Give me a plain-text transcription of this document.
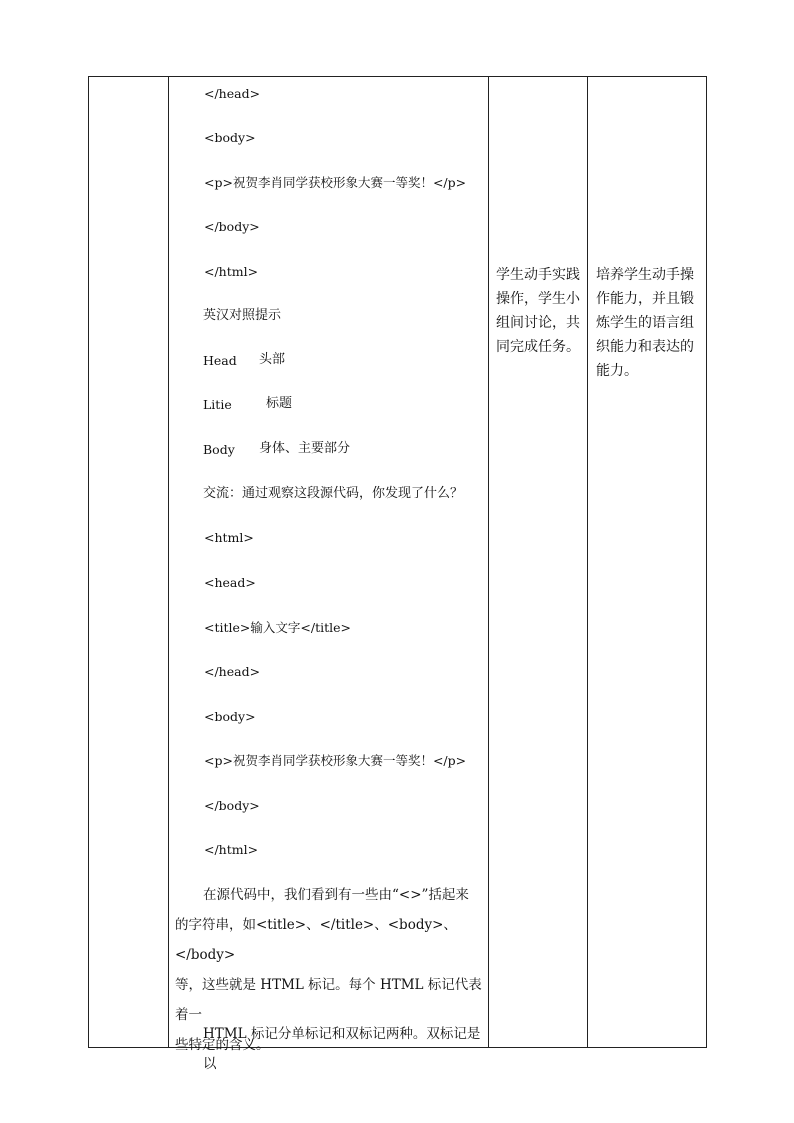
</head>
<body>
<p>祝贺李肖同学获校形象大赛一等奖！</p>
</body>
</html>
英汉对照提示
Head 头部
Litie	标题
Body 身体、主要部分
交流：通过观察这段源代码，你发现了什么？
<html>
<head>
<title>输入文字</title>
</head>
<body>
<p>祝贺李肖同学获校形象大赛一等奖！</p>
</body>
</html>
在源代码中，我们看到有一些由“<>”括起来
的字符串，如<title>、</title>、<body>、</body>
等，这些就是 HTML 标记。每个 HTML 标记代表着一
些特定的含义。
HTML 标记分单标记和双标记两种。双标记是以
学生动手实践
操作，学生小
组间讨论，共
同完成任务。
培养学生动手操
作能力，并且锻
炼学生的语言组
织能力和表达的
能力。
